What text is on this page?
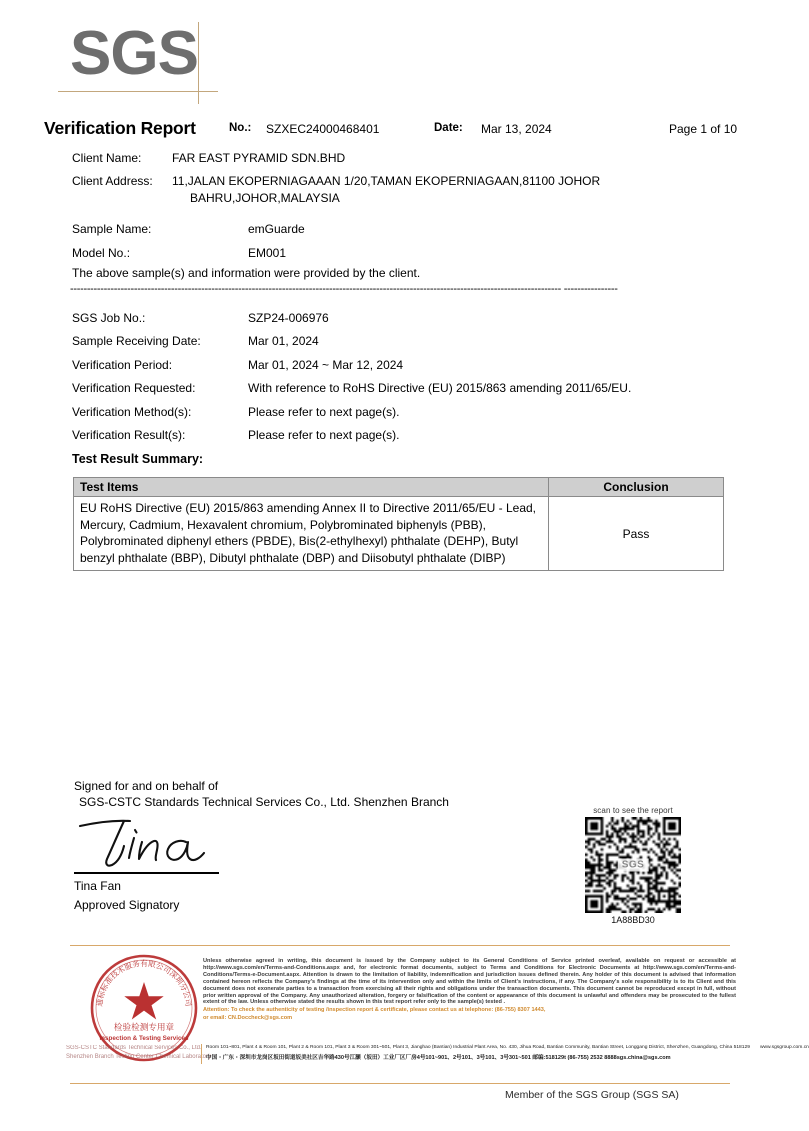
SGS
Verification Report	No.: SZXEC24000468401	Date: Mar 13, 2024	Page 1 of 10
Client Name:	FAR EAST PYRAMID SDN.BHD
Client Address: 11,JALAN EKOPERNIAGAAAN 1/20,TAMAN EKOPERNIAGAAN,81100 JOHOR
BAHRU,JOHOR,MALAYSIA
Sample Name:	emGuarde
Model No.:	EM001
The above sample(s) and information were provided by the client.
-------------------------------------------------------------------------------------------------------------------------------------------------- ----------------
SGS Job No.:	SZP24-006976
Sample Receiving Date:	Mar 01, 2024
Verification Period:	Mar 01, 2024 ~ Mar 12, 2024
Verification Requested:	With reference to RoHS Directive (EU) 2015/863 amending 2011/65/EU.
Verification Method(s):	Please refer to next page(s).
Verification Result(s):	Please refer to next page(s).
Test Result Summary:
Test Items	Conclusion
EU RoHS Directive (EU) 2015/863 amending Annex II to Directive 2011/65/EU - Lead, Mercury, Cadmium, Hexavalent chromium, Polybrominated biphenyls (PBB), Polybrominated diphenyl ethers (PBDE), Bis(2-ethylhexyl) phthalate (DEHP), Butyl benzyl phthalate (BBP), Dibutyl phthalate (DBP) and Diisobutyl phthalate (DIBP)	Pass
Signed for and on behalf of
SGS-CSTC Standards Technical Services Co., Ltd. Shenzhen Branch
Tina Fan
Approved Signatory
scan to see the report
SGS
1A88BD30
通标标准技术服务有限公司深圳分公司
检验检测专用章
Inspection & Testing Services
SGS-CSTC Standards Technical Services Co., Ltd.
Shenzhen Branch Testing Center Chemical Laboratory
Unless otherwise agreed in writing, this document is issued by the Company subject to its General Conditions of Service printed overleaf, available on request or accessible at http://www.sgs.com/en/Terms-and-Conditions.aspx and, for electronic format documents, subject to Terms and Conditions for Electronic Documents at http://www.sgs.com/en/Terms-and-Conditions/Terms-e-Document.aspx. Attention is drawn to the limitation of liability, indemnification and jurisdiction issues defined therein. Any holder of this document is advised that information contained hereon reflects the Company's findings at the time of its intervention only and within the limits of Client's instructions, if any. The Company's sole responsibility is to its Client and this document does not exonerate parties to a transaction from exercising all their rights and obligations under the transaction documents. This document cannot be reproduced except in full, without prior written approval of the Company. Any unauthorized alteration, forgery or falsification of the content or appearance of this document is unlawful and offenders may be prosecuted to the fullest extent of the law. Unless otherwise stated the results shown in this test report refer only to the sample(s) tested .
Attention: To check the authenticity of testing /inspection report & certificate, please contact us at telephone: (86-755) 8307 1443,
or email: CN.Doccheck@sgs.com
Room 101~801, Plant 4 & Room 101, Plant 2 & Room 101, Plant 3 & Room 301~501, Plant 3, Jianghao (Bantian) Industrial Plant Area, No. 430, Jihua Road, Bantian Community, Bantian Street, Longgang District, Shenzhen, Guangdong, China 518129 www.sgsgroup.com.cn
中国・广东・深圳市龙岗区坂田街道坂美社区吉华路430号江灏（坂田）工业厂区厂房4号101~901、2号101、3号101、3号301~501 邮编:518129t (86-755) 2532 8888sgs.china@sgs.com
Member of the SGS Group (SGS SA)
